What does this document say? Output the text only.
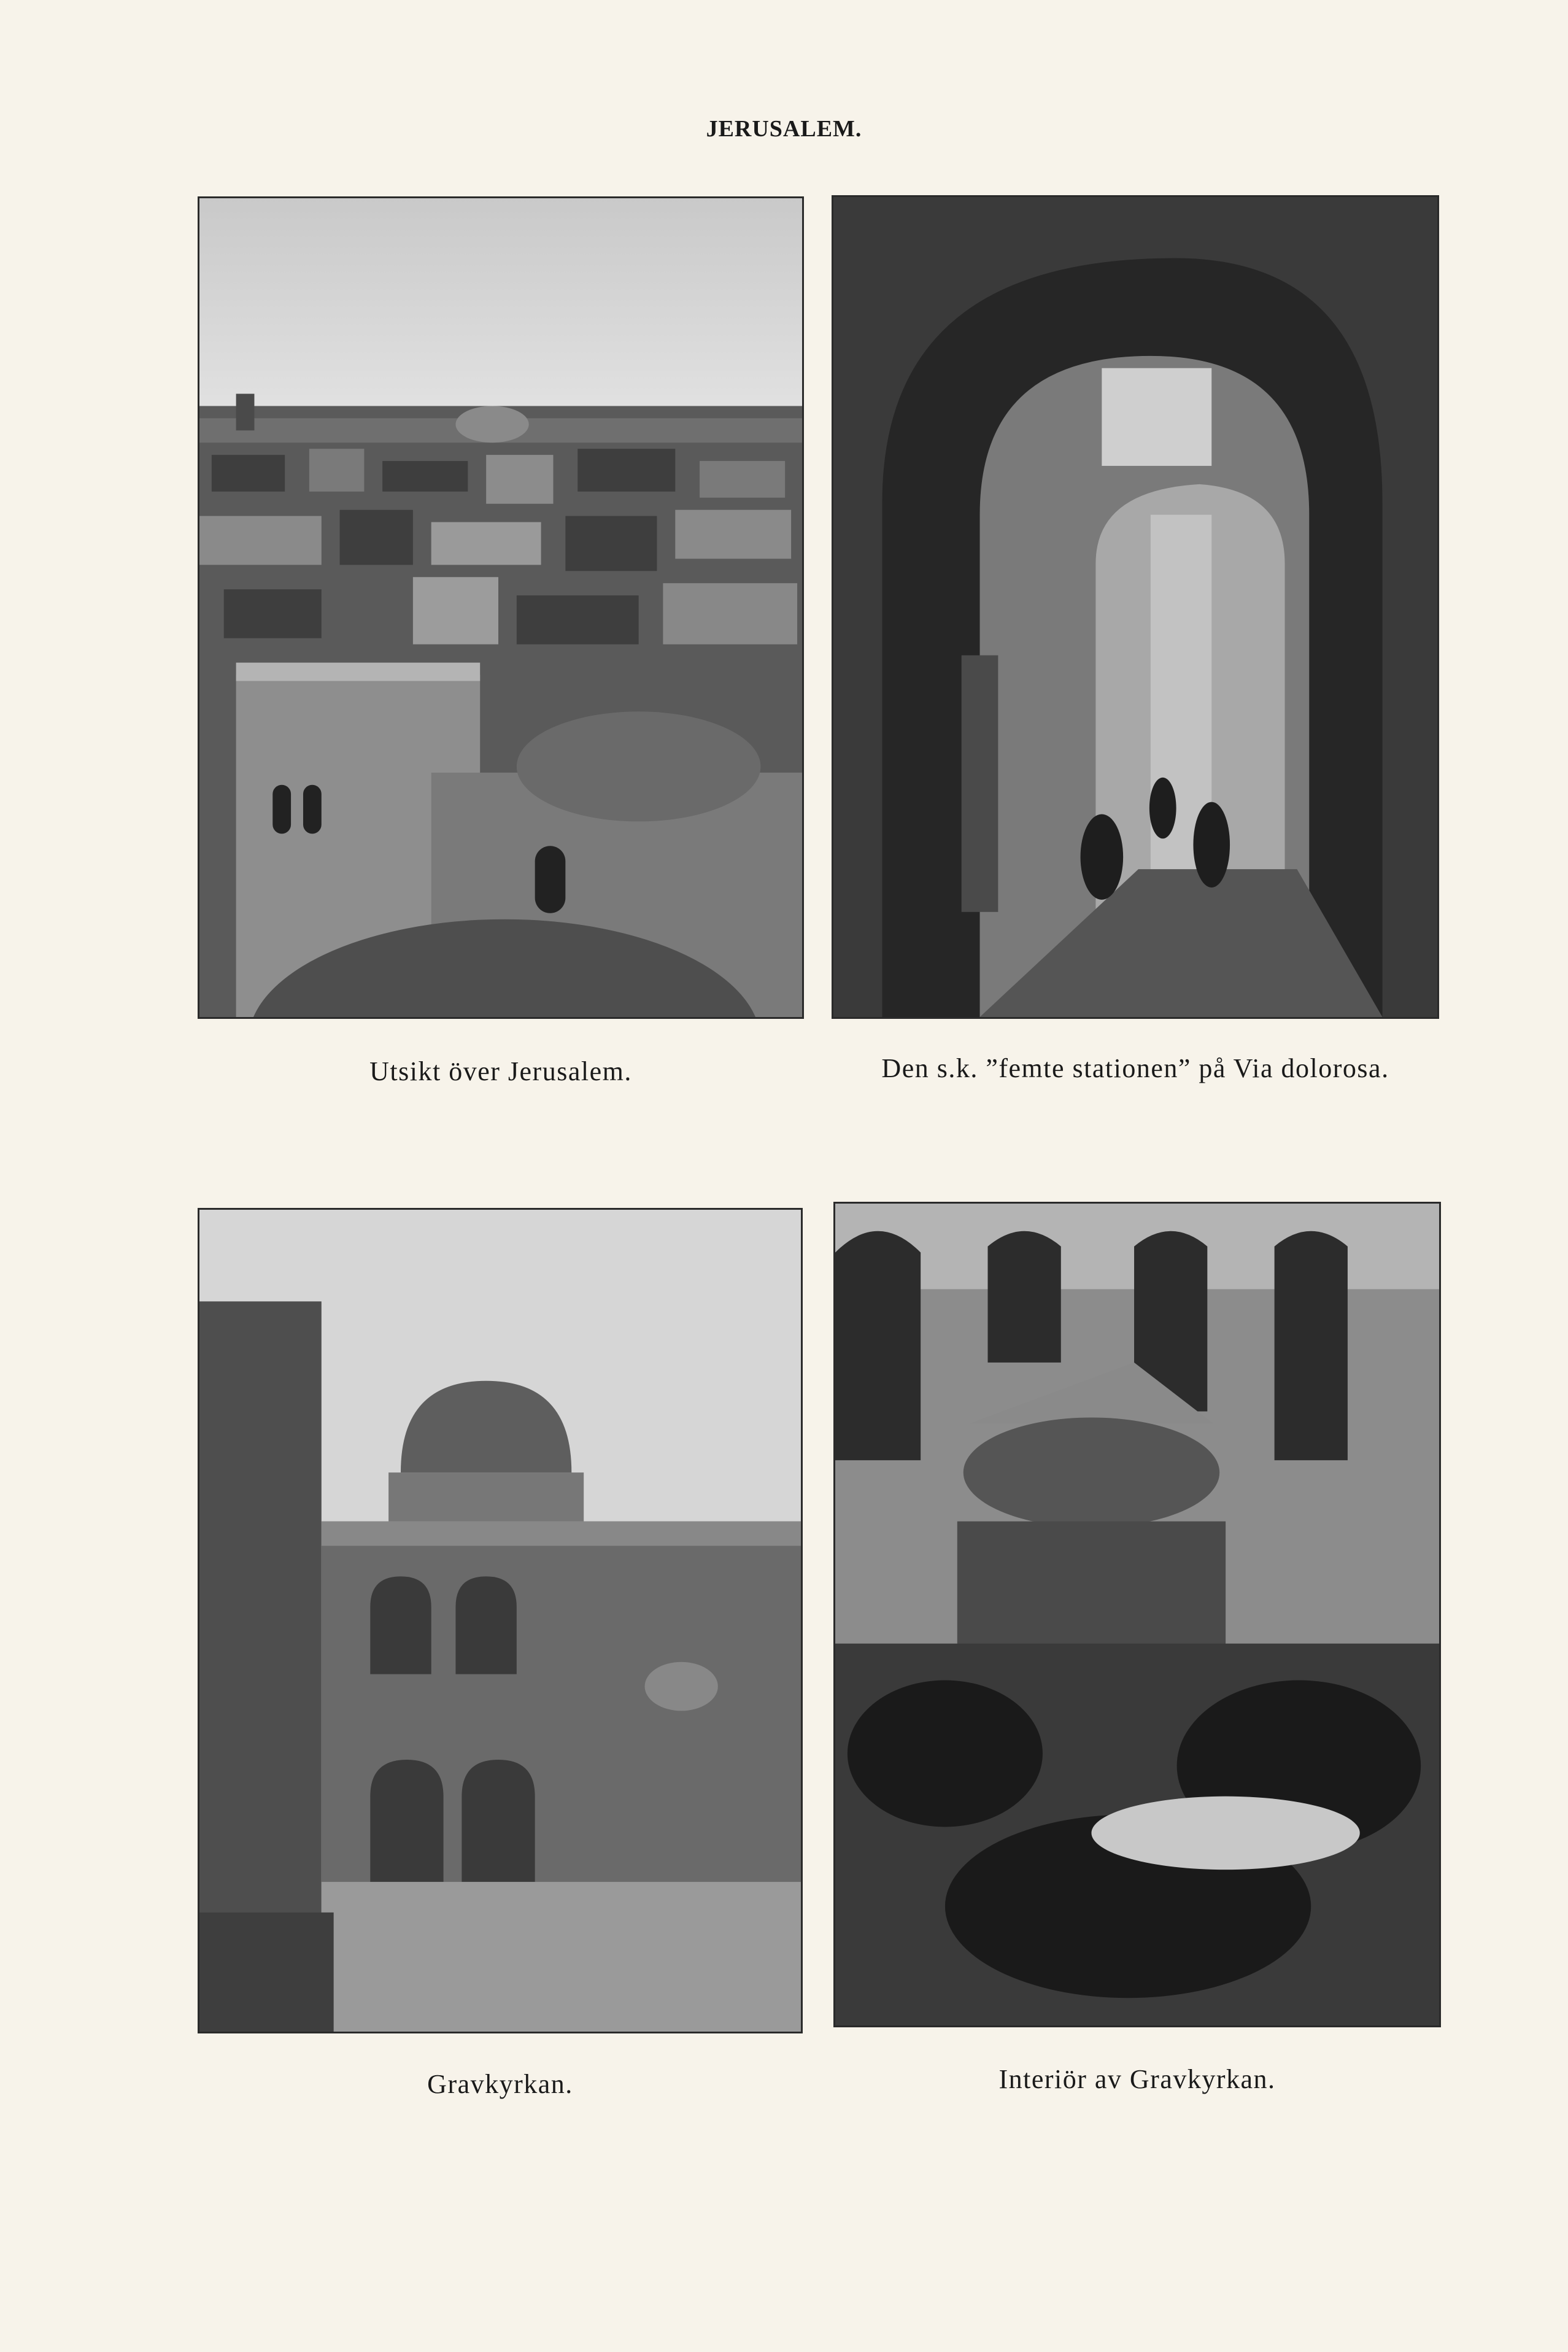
JERUSALEM.
Utsikt över Jerusalem.	Den s.k. ”femte stationen” på Via dolorosa.
Gravkyrkan.	Interiör av Gravkyrkan.
